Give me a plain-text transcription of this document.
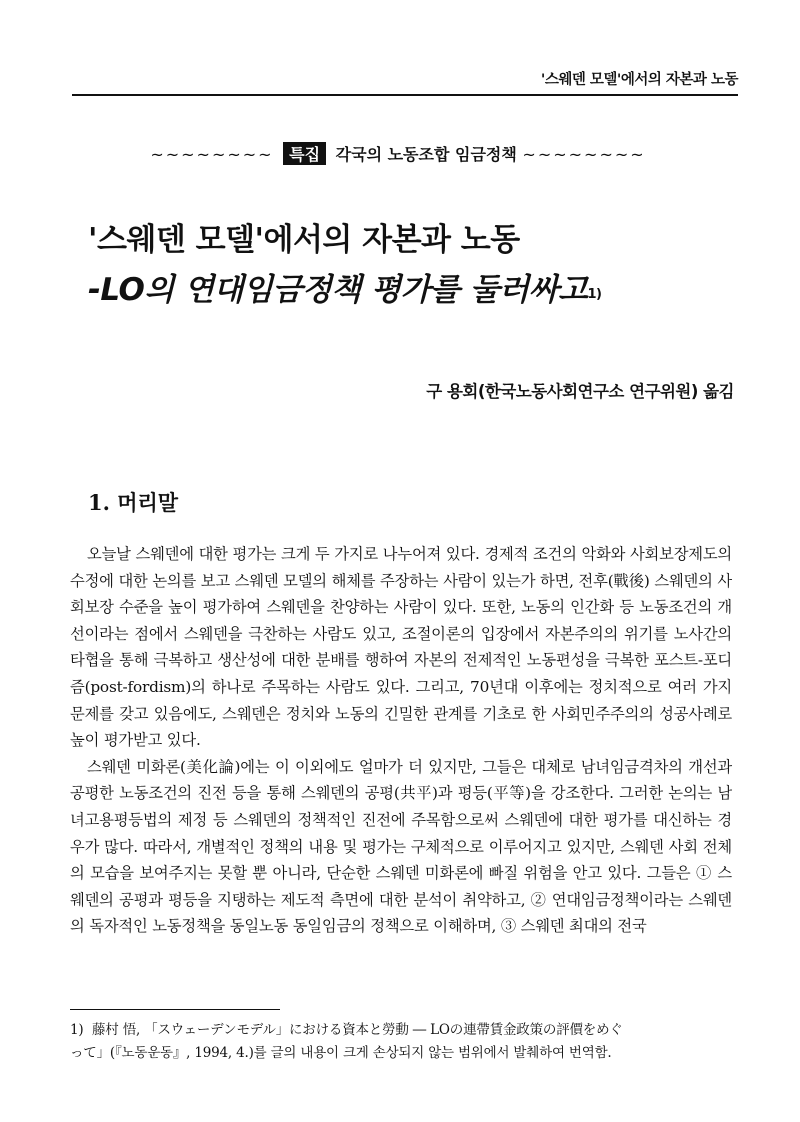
'스웨덴 모델'에서의 자본과 노동
~~~~~~~~ 특집 각국의 노동조합 임금정책 ~~~~~~~~
'스웨덴 모델'에서의 자본과 노동
-LO의 연대임금정책 평가를 둘러싸고$^{1)}$
구 용회(한국노동사회연구소 연구위원) 옮김
1. 머리말

오늘날 스웨덴에 대한 평가는 크게 두 가지로 나누어져 있다. 경제적 조건의 악화와 사회보장제도의 수정에 대한 논의를 보고 스웨덴 모델의 해체를 주장하는 사람이 있는가 하면, 전후(戰後) 스웨덴의 사회보장 수준을 높이 평가하여 스웨덴을 찬양하는 사람이 있다. 또한, 노동의 인간화 등 노동조건의 개선이라는 점에서 스웨덴을 극찬하는 사람도 있고, 조절이론의 입장에서 자본주의의 위기를 노사간의 타협을 통해 극복하고 생산성에 대한 분배를 행하여 자본의 전제적인 노동편성을 극복한 포스트-포디즘(post-fordism)의 하나로 주목하는 사람도 있다. 그리고, 70년대 이후에는 정치적으로 여러 가지 문제를 갖고 있음에도, 스웨덴은 정치와 노동의 긴밀한 관계를 기초로 한 사회민주주의의 성공사례로 높이 평가받고 있다.

스웨덴 미화론(美化論)에는 이 이외에도 얼마가 더 있지만, 그들은 대체로 남녀임금격차의 개선과 공평한 노동조건의 진전 등을 통해 스웨덴의 공평(共平)과 평등(平等)을 강조한다. 그러한 논의는 남녀고용평등법의 제정 등 스웨덴의 정책적인 진전에 주목함으로써 스웨덴에 대한 평가를 대신하는 경우가 많다. 따라서, 개별적인 정책의 내용 및 평가는 구체적으로 이루어지고 있지만, 스웨덴 사회 전체의 모습을 보여주지는 못할 뿐 아니라, 단순한 스웨덴 미화론에 빠질 위험을 안고 있다. 그들은 ① 스웨덴의 공평과 평등을 지탱하는 제도적 측면에 대한 분석이 취약하고, ② 연대임금정책이라는 스웨덴의 독자적인 노동정책을 동일노동 동일임금의 정책으로 이해하며, ③ 스웨덴 최대의 전국

1) 藤村 悟, 「スウェーデンモデル」における資本と勞動 ― LOの連帶賃金政策の評價をめぐ
って」(『노동운동』, 1994, 4.)를 글의 내용이 크게 손상되지 않는 범위에서 발췌하여 번역함.
